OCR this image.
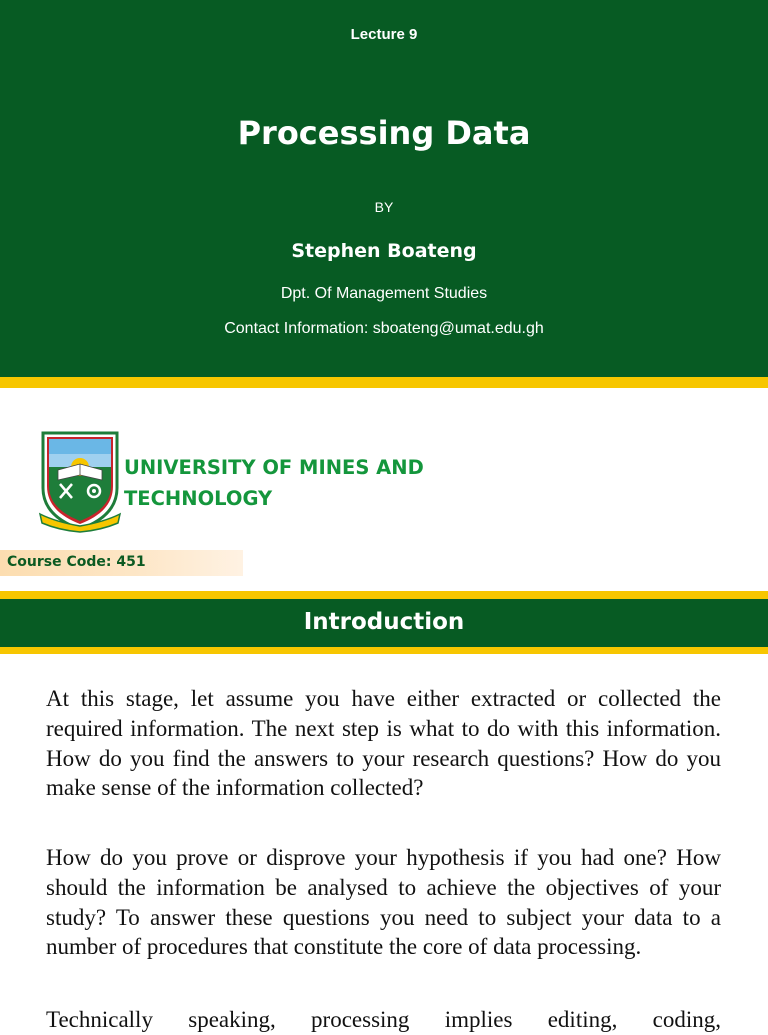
Lecture 9
Processing Data
BY
Stephen Boateng
Dpt. Of Management Studies
Contact Information: sboateng@umat.edu.gh
UNIVERSITY OF MINES AND
TECHNOLOGY
Course Code: 451
Introduction

At this stage, let assume you have either extracted or collected the required information. The next step is what to do with this information. How do you find the answers to your research questions? How do you make sense of the information collected?

How do you prove or disprove your hypothesis if you had one? How should the information be analysed to achieve the objectives of your study? To answer these questions you need to subject your data to a number of procedures that constitute the core of data processing.

Technically speaking, processing implies editing, coding,
